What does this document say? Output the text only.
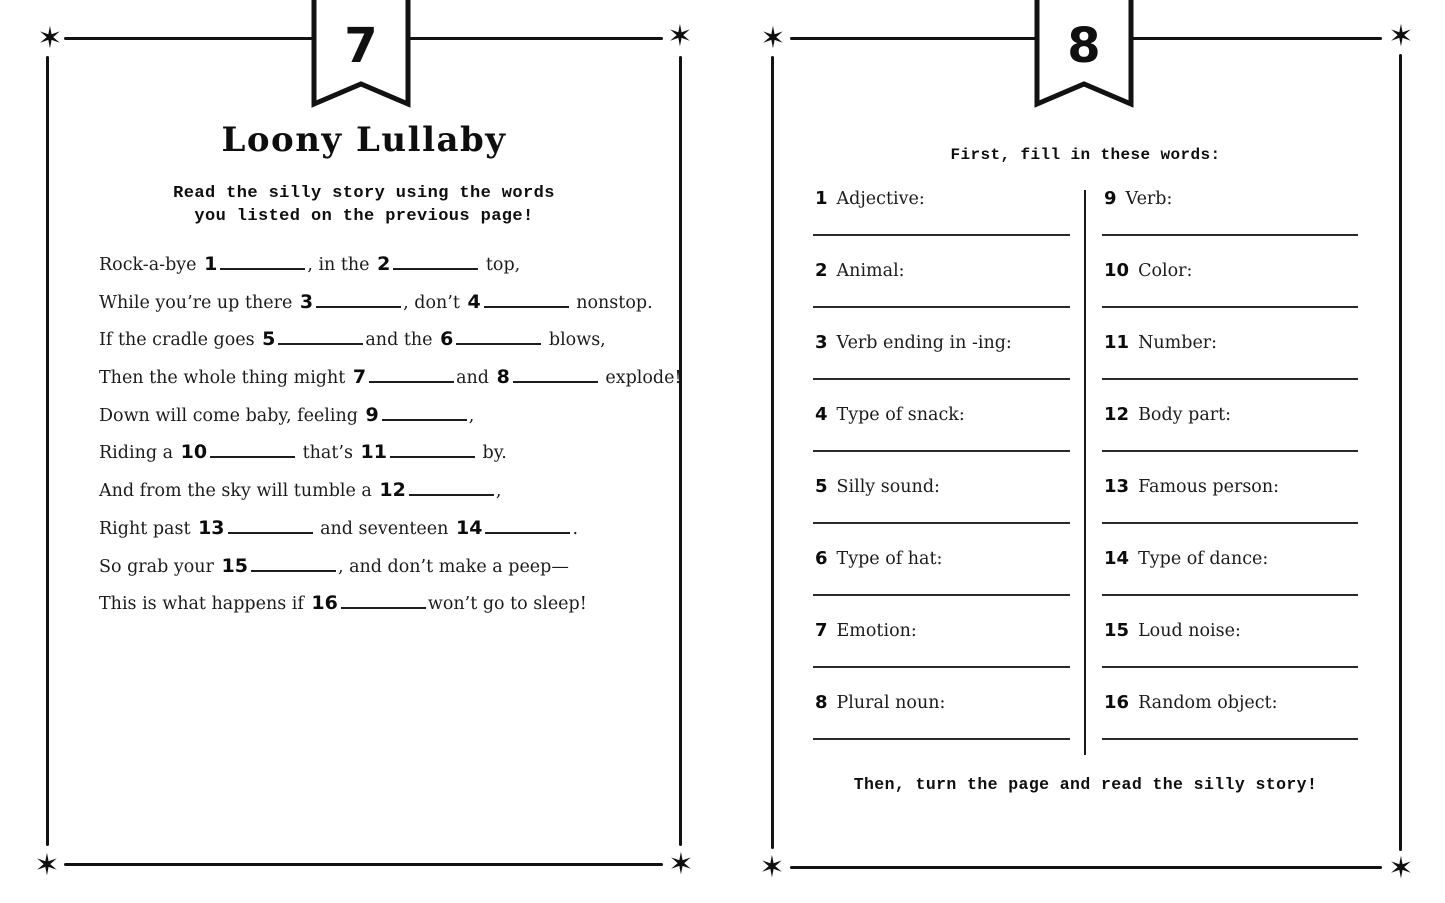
✶	✶
✶	✶
7
Loony Lullaby
Read the silly story using the words
you listed on the previous page!
Rock-a-bye 1	, in the 2	top,
While you’re up there 3	, don’t 4	nonstop.
If the cradle goes 5	and the 6	blows,
Then the whole thing might 7	and 8	explode!
Down will come baby, feeling 9	,
Riding a 10	that’s 11	by.
And from the sky will tumble a 12	,
Right past 13	and seventeen 14	.
So grab your 15	, and don’t make a peep—
This is what happens if 16	won’t go to sleep!
✶	✶
✶	✶
8
First, fill in these words:
1 Adjective:
2 Animal:
3 Verb ending in -ing:
4 Type of snack:
5 Silly sound:
6 Type of hat:
7 Emotion:
8 Plural noun:
9 Verb:
10 Color:
11 Number:
12 Body part:
13 Famous person:
14 Type of dance:
15 Loud noise:
16 Random object:
Then, turn the page and read the silly story!
